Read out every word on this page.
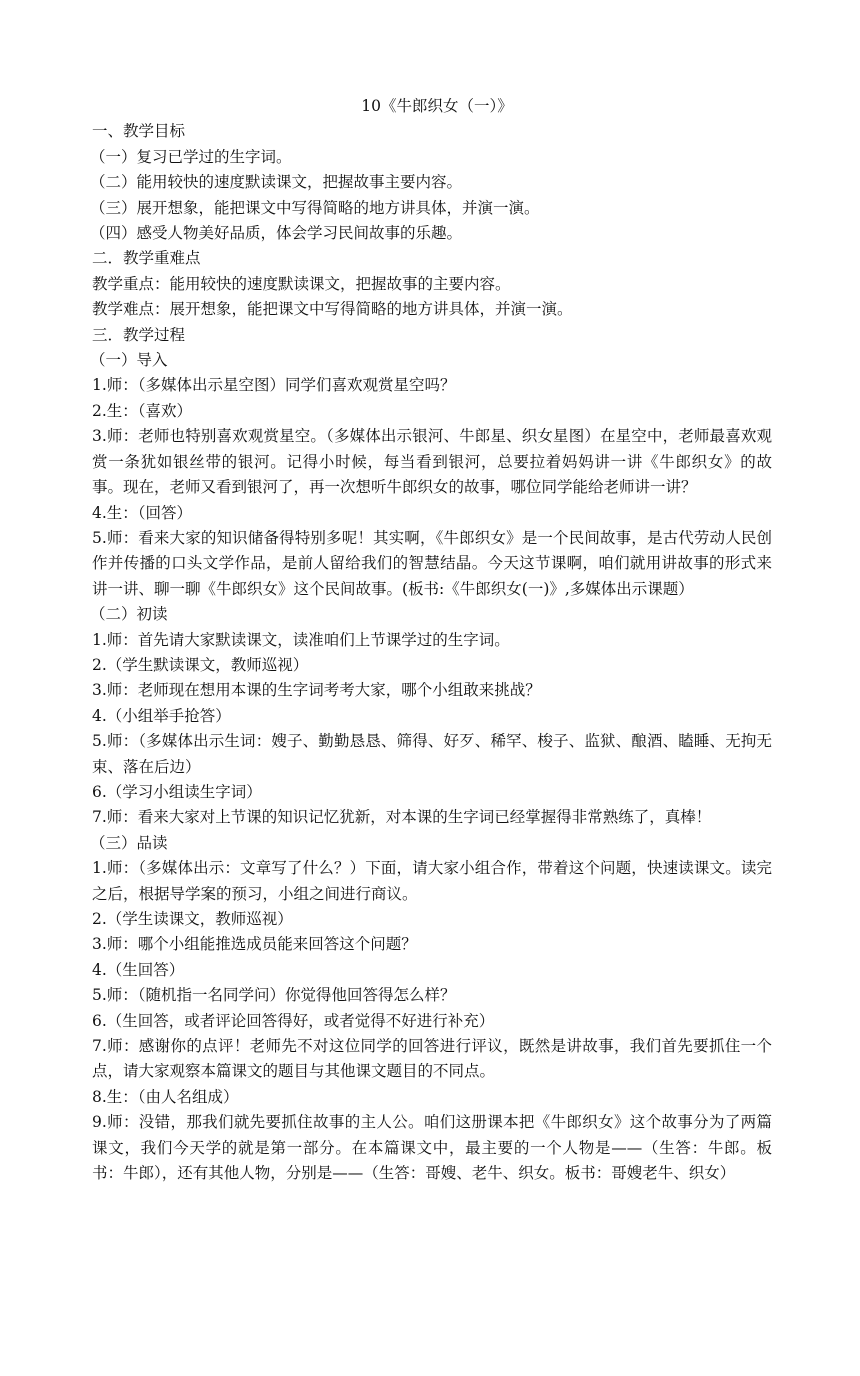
10《牛郎织女（一）》

一、教学目标

（一）复习已学过的生字词。

（二）能用较快的速度默读课文，把握故事主要内容。

（三）展开想象，能把课文中写得简略的地方讲具体，并演一演。

（四）感受人物美好品质，体会学习民间故事的乐趣。

二．教学重难点

教学重点：能用较快的速度默读课文，把握故事的主要内容。

教学难点：展开想象，能把课文中写得简略的地方讲具体，并演一演。

三．教学过程

（一）导入

1.师：（多媒体出示星空图）同学们喜欢观赏星空吗？

2.生：（喜欢）

3.师：老师也特别喜欢观赏星空。（多媒体出示银河、牛郎星、织女星图）在星空中，老师最喜欢观赏一条犹如银丝带的银河。记得小时候，每当看到银河，总要拉着妈妈讲一讲《牛郎织女》的故事。现在，老师又看到银河了，再一次想听牛郎织女的故事，哪位同学能给老师讲一讲？

4.生：（回答）

5.师：看来大家的知识储备得特别多呢！其实啊，《牛郎织女》是一个民间故事，是古代劳动人民创作并传播的口头文学作品，是前人留给我们的智慧结晶。今天这节课啊，咱们就用讲故事的形式来讲一讲、聊一聊《牛郎织女》这个民间故事。(板书:《牛郎织女(一)》,多媒体出示课题）

（二）初读

1.师：首先请大家默读课文，读准咱们上节课学过的生字词。

2.（学生默读课文，教师巡视）

3.师：老师现在想用本课的生字词考考大家，哪个小组敢来挑战？

4.（小组举手抢答）

5.师：（多媒体出示生词：嫂子、勤勤恳恳、筛得、好歹、稀罕、梭子、监狱、酿酒、瞌睡、无拘无束、落在后边）

6.（学习小组读生字词）

7.师：看来大家对上节课的知识记忆犹新，对本课的生字词已经掌握得非常熟练了，真棒！

（三）品读

1.师：（多媒体出示：文章写了什么？）下面，请大家小组合作，带着这个问题，快速读课文。读完之后，根据导学案的预习，小组之间进行商议。

2.（学生读课文，教师巡视）

3.师：哪个小组能推选成员能来回答这个问题？

4.（生回答）

5.师：（随机指一名同学问）你觉得他回答得怎么样？

6.（生回答，或者评论回答得好，或者觉得不好进行补充）

7.师：感谢你的点评！老师先不对这位同学的回答进行评议，既然是讲故事，我们首先要抓住一个点，请大家观察本篇课文的题目与其他课文题目的不同点。

8.生：（由人名组成）

9.师：没错，那我们就先要抓住故事的主人公。咱们这册课本把《牛郎织女》这个故事分为了两篇课文，我们今天学的就是第一部分。在本篇课文中，最主要的一个人物是——（生答：牛郎。板书：牛郎），还有其他人物，分别是——（生答：哥嫂、老牛、织女。板书：哥嫂老牛、织女）
